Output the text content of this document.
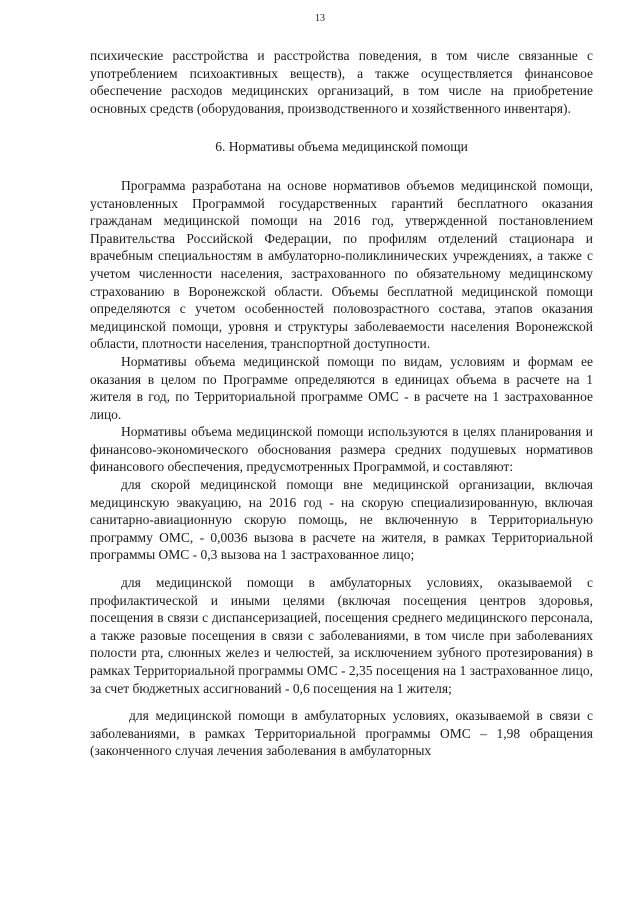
13

психические расстройства и расстройства поведения, в том числе связанные с употреблением психоактивных веществ), а также осуществляется финансовое обеспечение расходов медицинских организаций, в том числе на приобретение основных средств (оборудования, производственного и хозяйственного инвентаря).

6. Нормативы объема медицинской помощи

Программа разработана на основе нормативов объемов медицинской помощи, установленных Программой государственных гарантий бесплатного оказания гражданам медицинской помощи на 2016 год, утвержденной постановлением Правительства Российской Федерации, по профилям отделений стационара и врачебным специальностям в амбулаторно-поликлинических учреждениях, а также с учетом численности населения, застрахованного по обязательному медицинскому страхованию в Воронежской области. Объемы бесплатной медицинской помощи определяются с учетом особенностей половозрастного состава, этапов оказания медицинской помощи, уровня и структуры заболеваемости населения Воронежской области, плотности населения, транспортной доступности.

Нормативы объема медицинской помощи по видам, условиям и формам ее оказания в целом по Программе определяются в единицах объема в расчете на 1 жителя в год, по Территориальной программе ОМС - в расчете на 1 застрахованное лицо.

Нормативы объема медицинской помощи используются в целях планирования и финансово-экономического обоснования размера средних подушевых нормативов финансового обеспечения, предусмотренных Программой, и составляют:

для скорой медицинской помощи вне медицинской организации, включая медицинскую эвакуацию, на 2016 год - на скорую специализированную, включая санитарно-авиационную скорую помощь, не включенную в Территориальную программу ОМС, - 0,0036 вызова в расчете на жителя, в рамках Территориальной программы ОМС - 0,3 вызова на 1 застрахованное лицо;

для медицинской помощи в амбулаторных условиях, оказываемой с профилактической и иными целями (включая посещения центров здоровья, посещения в связи с диспансеризацией, посещения среднего медицинского персонала, а также разовые посещения в связи с заболеваниями, в том числе при заболеваниях полости рта, слюнных желез и челюстей, за исключением зубного протезирования) в рамках Территориальной программы ОМС - 2,35 посещения на 1 застрахованное лицо, за счет бюджетных ассигнований - 0,6 посещения на 1 жителя;

для медицинской помощи в амбулаторных условиях, оказываемой в связи с заболеваниями, в рамках Территориальной программы ОМС – 1,98 обращения (законченного случая лечения заболевания в амбулаторных
